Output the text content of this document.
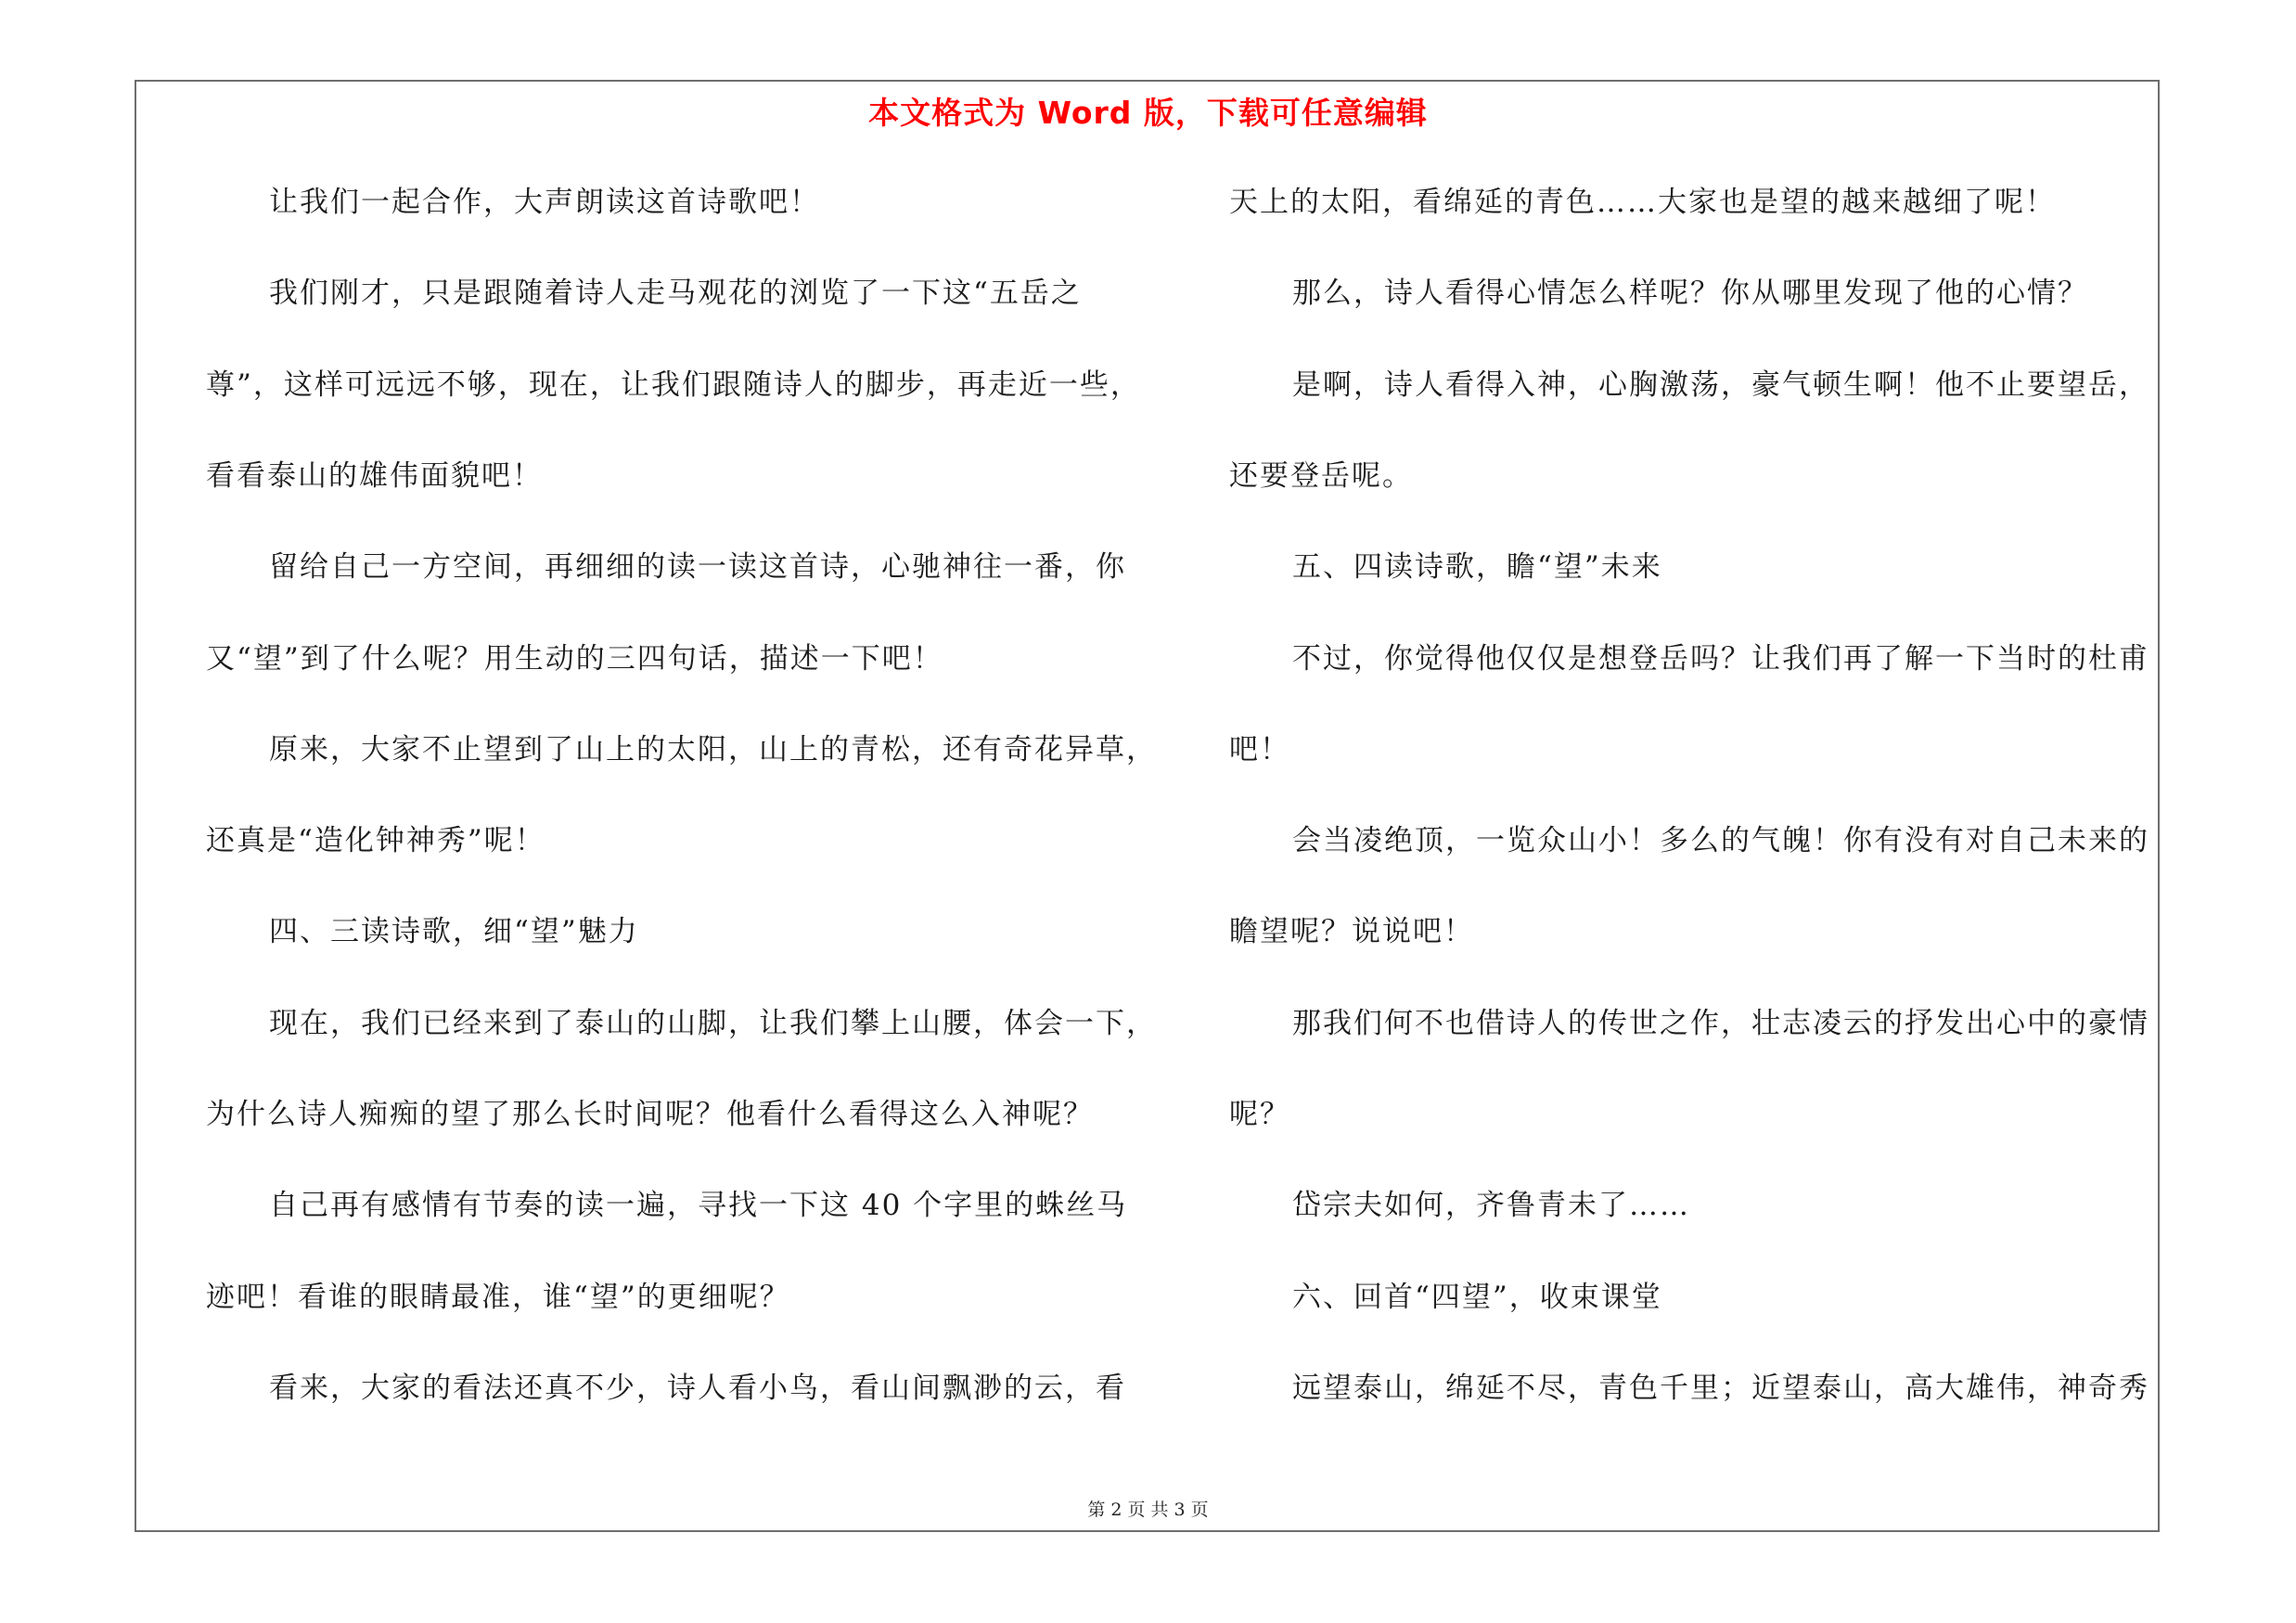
本文格式为 Word 版，下载可任意编辑
让我们一起合作，大声朗读这首诗歌吧！
我们刚才，只是跟随着诗人走马观花的浏览了一下这“五岳之
尊”，这样可远远不够，现在，让我们跟随诗人的脚步，再走近一些，
看看泰山的雄伟面貌吧！
留给自己一方空间，再细细的读一读这首诗，心驰神往一番，你
又“望”到了什么呢？用生动的三四句话，描述一下吧！
原来，大家不止望到了山上的太阳，山上的青松，还有奇花异草，
还真是“造化钟神秀”呢！
四、三读诗歌，细“望”魅力
现在，我们已经来到了泰山的山脚，让我们攀上山腰，体会一下，
为什么诗人痴痴的望了那么长时间呢？他看什么看得这么入神呢？
自己再有感情有节奏的读一遍，寻找一下这 40 个字里的蛛丝马
迹吧！看谁的眼睛最准，谁“望”的更细呢？
看来，大家的看法还真不少，诗人看小鸟，看山间飘渺的云，看
天上的太阳，看绵延的青色……大家也是望的越来越细了呢！
那么，诗人看得心情怎么样呢？你从哪里发现了他的心情？
是啊，诗人看得入神，心胸激荡，豪气顿生啊！他不止要望岳，
还要登岳呢。
五、四读诗歌，瞻“望”未来
不过，你觉得他仅仅是想登岳吗？让我们再了解一下当时的杜甫
吧！
会当凌绝顶，一览众山小！多么的气魄！你有没有对自己未来的
瞻望呢？说说吧！
那我们何不也借诗人的传世之作，壮志凌云的抒发出心中的豪情
呢？
岱宗夫如何，齐鲁青未了……
六、回首“四望”，收束课堂
远望泰山，绵延不尽，青色千里；近望泰山，高大雄伟，神奇秀
第 2 页 共 3 页
